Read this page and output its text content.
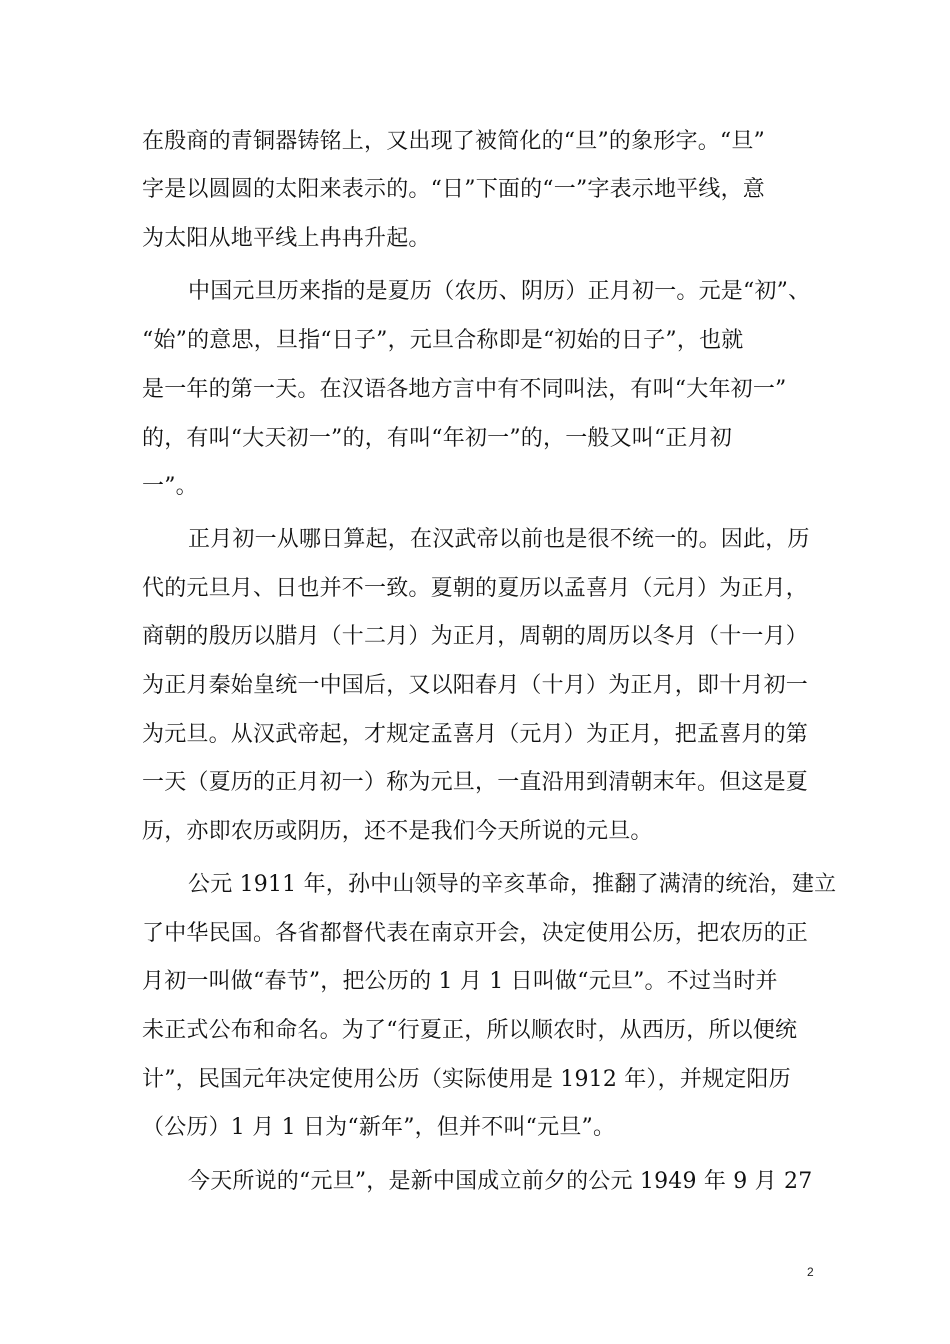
在殷商的青铜器铸铭上，又出现了被简化的“旦”的象形字。“旦”
字是以圆圆的太阳来表示的。“日”下面的“一”字表示地平线，意
为太阳从地平线上冉冉升起。
中国元旦历来指的是夏历（农历、阴历）正月初一。元是“初”、
“始”的意思，旦指“日子”，元旦合称即是“初始的日子”，也就
是一年的第一天。在汉语各地方言中有不同叫法，有叫“大年初一”
的，有叫“大天初一”的，有叫“年初一”的，一般又叫“正月初
一”。
正月初一从哪日算起，在汉武帝以前也是很不统一的。因此，历
代的元旦月、日也并不一致。夏朝的夏历以孟喜月（元月）为正月，
商朝的殷历以腊月（十二月）为正月，周朝的周历以冬月（十一月）
为正月秦始皇统一中国后，又以阳春月（十月）为正月，即十月初一
为元旦。从汉武帝起，才规定孟喜月（元月）为正月，把孟喜月的第
一天（夏历的正月初一）称为元旦，一直沿用到清朝末年。但这是夏
历，亦即农历或阴历，还不是我们今天所说的元旦。
公元 1911 年，孙中山领导的辛亥革命，推翻了满清的统治，建立
了中华民国。各省都督代表在南京开会，决定使用公历，把农历的正
月初一叫做“春节”，把公历的 1 月 1 日叫做“元旦”。不过当时并
未正式公布和命名。为了“行夏正，所以顺农时，从西历，所以便统
计”，民国元年决定使用公历（实际使用是 1912 年），并规定阳历
（公历）1 月 1 日为“新年”，但并不叫“元旦”。
今天所说的“元旦”，是新中国成立前夕的公元 1949 年 9 月 27
2
